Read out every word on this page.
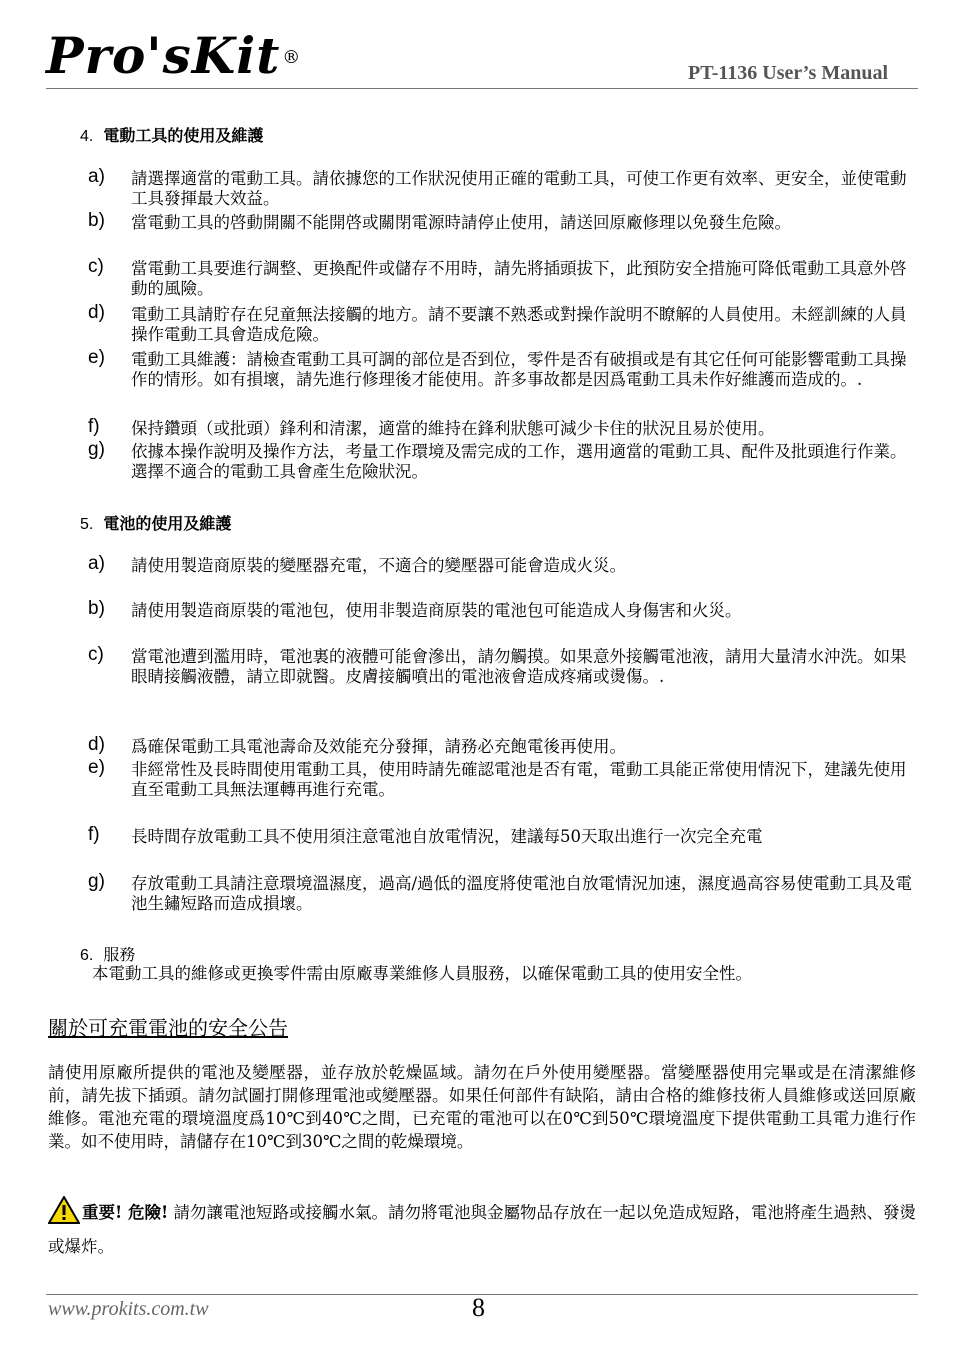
Pro'sKit ®
PT-1136 User’s Manual
4. 電動工具的使用及維護
a) 請選擇適當的電動工具。請依據您的工作狀況使用正確的電動工具，可使工作更有效率、更安全，並使電動工具發揮最大效益。
b) 當電動工具的啓動開關不能開啓或關閉電源時請停止使用，請送回原廠修理以免發生危險。
c) 當電動工具要進行調整、更換配件或儲存不用時，請先將插頭拔下，此預防安全措施可降低電動工具意外啓動的風險。
d) 電動工具請貯存在兒童無法接觸的地方。請不要讓不熟悉或對操作說明不瞭解的人員使用。未經訓練的人員操作電動工具會造成危險。
e) 電動工具維護：請檢查電動工具可調的部位是否到位，零件是否有破損或是有其它任何可能影響電動工具操作的情形。如有損壞，請先進行修理後才能使用。許多事故都是因爲電動工具未作好維護而造成的。.
f) 保持鑽頭（或批頭）鋒利和清潔，適當的維持在鋒利狀態可減少卡住的狀況且易於使用。
g) 依據本操作說明及操作方法，考量工作環境及需完成的工作，選用適當的電動工具、配件及批頭進行作業。選擇不適合的電動工具會產生危險狀況。
5. 電池的使用及維護
a) 請使用製造商原裝的變壓器充電，不適合的變壓器可能會造成火災。
b) 請使用製造商原裝的電池包，使用非製造商原裝的電池包可能造成人身傷害和火災。
c) 當電池遭到濫用時，電池裏的液體可能會滲出，請勿觸摸。如果意外接觸電池液，請用大量清水沖洗。如果眼睛接觸液體，請立即就醫。皮膚接觸噴出的電池液會造成疼痛或燙傷。.
d) 爲確保電動工具電池壽命及效能充分發揮，請務必充飽電後再使用。
e) 非經常性及長時間使用電動工具，使用時請先確認電池是否有電，電動工具能正常使用情況下，建議先使用直至電動工具無法運轉再進行充電。
f) 長時間存放電動工具不使用須注意電池自放電情況，建議每50天取出進行一次完全充電
g) 存放電動工具請注意環境溫濕度，過高/過低的溫度將使電池自放電情況加速，濕度過高容易使電動工具及電池生鏽短路而造成損壞。
6. 服務
本電動工具的維修或更換零件需由原廠專業維修人員服務，以確保電動工具的使用安全性。
關於可充電電池的安全公告
請使用原廠所提供的電池及變壓器，並存放於乾燥區域。請勿在戶外使用變壓器。當變壓器使用完畢或是在清潔維修前，請先拔下插頭。請勿試圖打開修理電池或變壓器。如果任何部件有缺陷，請由合格的維修技術人員維修或送回原廠維修。電池充電的環境溫度爲10℃到40℃之間，已充電的電池可以在0℃到50℃環境溫度下提供電動工具電力進行作業。如不使用時，請儲存在10℃到30℃之間的乾燥環境。
重要! 危險! 請勿讓電池短路或接觸水氣。請勿將電池與金屬物品存放在一起以免造成短路，電池將產生過熱、發燙或爆炸。
www.prokits.com.tw	8
